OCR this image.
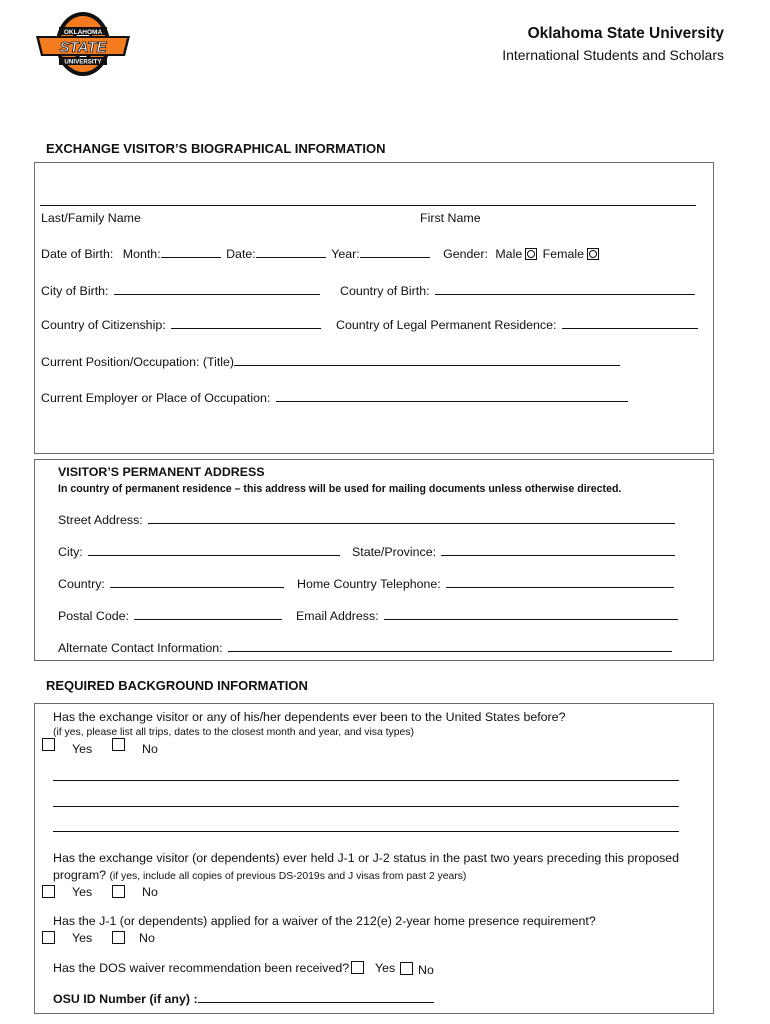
OKLAHOMA
STATE
UNIVERSITY
Oklahoma State University
International Students and Scholars
EXCHANGE VISITOR’S BIOGRAPHICAL INFORMATION
Last/Family Name	First Name
Date of Birth: Month:	Date:	Year:	Gender: Male Female
City of Birth:	Country of Birth:
Country of Citizenship:	Country of Legal Permanent Residence:
Current Position/Occupation: (Title)
Current Employer or Place of Occupation:
VISITOR’S PERMANENT ADDRESS
In country of permanent residence – this address will be used for mailing documents unless otherwise directed.
Street Address:
City:	State/Province:
Country:	Home Country Telephone:
Postal Code:	Email Address:
Alternate Contact Information:
REQUIRED BACKGROUND INFORMATION
Has the exchange visitor or any of his/her dependents ever been to the United States before?
(if yes, please list all trips, dates to the closest month and year, and visa types)
Yes	No
Has the exchange visitor (or dependents) ever held J-1 or J-2 status in the past two years preceding this proposed
program? (if yes, include all copies of previous DS-2019s and J visas from past 2 years)
Yes	No
Has the J-1 (or dependents) applied for a waiver of the 212(e) 2-year home presence requirement?
Yes	No
Has the DOS waiver recommendation been received? Yes No
OSU ID Number (if any) :
